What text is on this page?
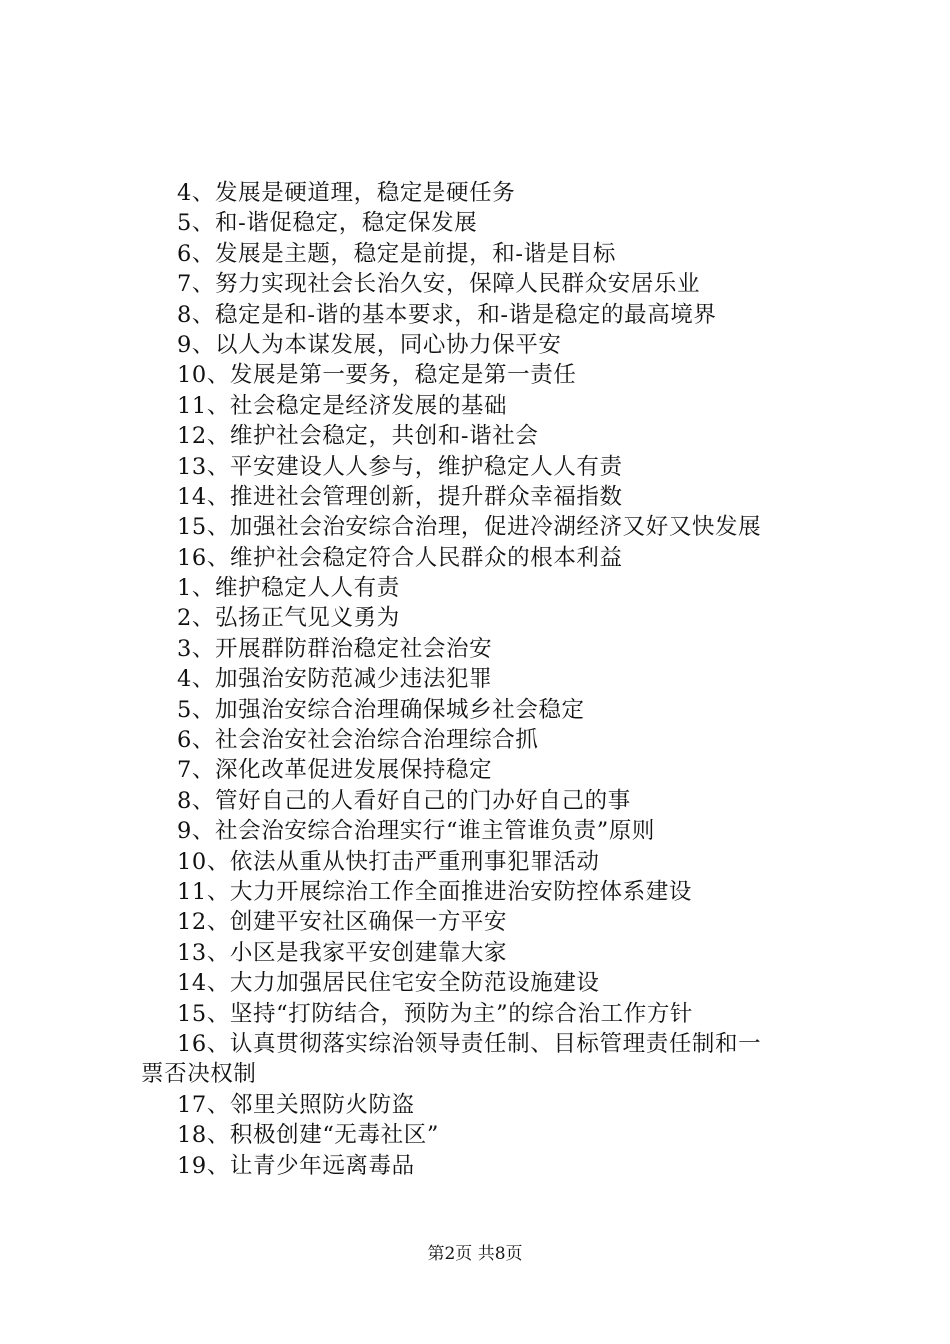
4、发展是硬道理，稳定是硬任务
5、和-谐促稳定，稳定保发展
6、发展是主题，稳定是前提，和-谐是目标
7、努力实现社会长治久安，保障人民群众安居乐业
8、稳定是和-谐的基本要求，和-谐是稳定的最高境界
9、以人为本谋发展，同心协力保平安
10、发展是第一要务，稳定是第一责任
11、社会稳定是经济发展的基础
12、维护社会稳定，共创和-谐社会
13、平安建设人人参与，维护稳定人人有责
14、推进社会管理创新，提升群众幸福指数
15、加强社会治安综合治理，促进冷湖经济又好又快发展
16、维护社会稳定符合人民群众的根本利益
1、维护稳定人人有责
2、弘扬正气见义勇为
3、开展群防群治稳定社会治安
4、加强治安防范减少违法犯罪
5、加强治安综合治理确保城乡社会稳定
6、社会治安社会治综合治理综合抓
7、深化改革促进发展保持稳定
8、管好自己的人看好自己的门办好自己的事
9、社会治安综合治理实行“谁主管谁负责”原则
10、依法从重从快打击严重刑事犯罪活动
11、大力开展综治工作全面推进治安防控体系建设
12、创建平安社区确保一方平安
13、小区是我家平安创建靠大家
14、大力加强居民住宅安全防范设施建设
15、坚持“打防结合，预防为主”的综合治工作方针
16、认真贯彻落实综治领导责任制、目标管理责任制和一
票否决权制
17、邻里关照防火防盗
18、积极创建“无毒社区”
19、让青少年远离毒品
第2页 共8页
